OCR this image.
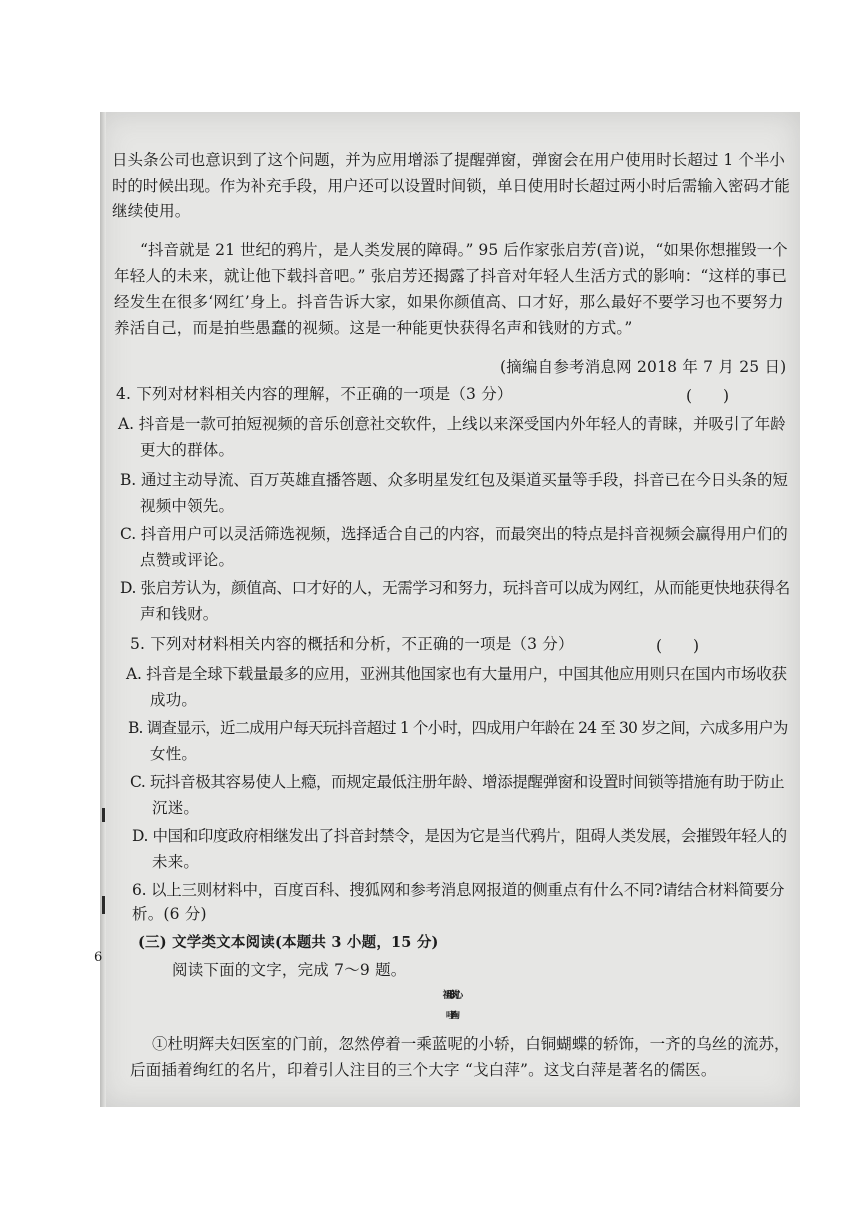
6
日头条公司也意识到了这个问题，并为应用增添了提醒弹窗，弹窗会在用户使用时长超过 1 个半小
时的时候出现。作为补充手段，用户还可以设置时间锁，单日使用时长超过两小时后需输入密码才能
继续使用。
“抖音就是 21 世纪的鸦片，是人类发展的障碍。” 95 后作家张启芳(音)说，“如果你想摧毁一个
年轻人的未来，就让他下载抖音吧。” 张启芳还揭露了抖音对年轻人生活方式的影响：“这样的事已
经发生在很多‘网红’身上。抖音告诉大家，如果你颜值高、口才好，那么最好不要学习也不要努力
养活自己，而是拍些愚蠢的视频。这是一种能更快获得名声和钱财的方式。”
(摘编自参考消息网 2018 年 7 月 25 日)
4. 下列对材料相关内容的理解，不正确的一项是（3 分）	(　　)
A. 抖音是一款可拍短视频的音乐创意社交软件，上线以来深受国内外年轻人的青睐，并吸引了年龄
更大的群体。
B. 通过主动导流、百万英雄直播答题、众多明星发红包及渠道买量等手段，抖音已在今日头条的短
视频中领先。
C. 抖音用户可以灵活筛选视频，选择适合自己的内容，而最突出的特点是抖音视频会赢得用户们的
点赞或评论。
D. 张启芳认为，颜值高、口才好的人，无需学习和努力，玩抖音可以成为网红，从而能更快地获得名
声和钱财。
5. 下列对材料相关内容的概括和分析，不正确的一项是（3 分）	(　　)
A. 抖音是全球下载量最多的应用，亚洲其他国家也有大量用户，中国其他应用则只在国内市场收获
成功。
B. 调查显示，近二成用户每天玩抖音超过 1 个小时，四成用户年龄在 24 至 30 岁之间，六成多用户为
女性。
C. 玩抖音极其容易使人上瘾，而规定最低注册年龄、增添提醒弹窗和设置时间锁等措施有助于防止
沉迷。
D. 中国和印度政府相继发出了抖音封禁令，是因为它是当代鸦片，阻碍人类发展，会摧毁年轻人的
未来。
6. 以上三则材料中，百度百科、搜狐网和参考消息网报道的侧重点有什么不同?请结合材料简要分
析。(6 分)
(三) 文学类文本阅读(本题共 3 小题，15 分)
阅读下面的文字，完成 7～9 题。
祖母的心
叶圣陶
①杜明辉夫妇医室的门前，忽然停着一乘蓝呢的小轿，白铜蝴蝶的轿饰，一齐的乌丝的流苏，
后面插着绚红的名片，印着引人注目的三个大字 “戈白萍”。这戈白萍是著名的儒医。
